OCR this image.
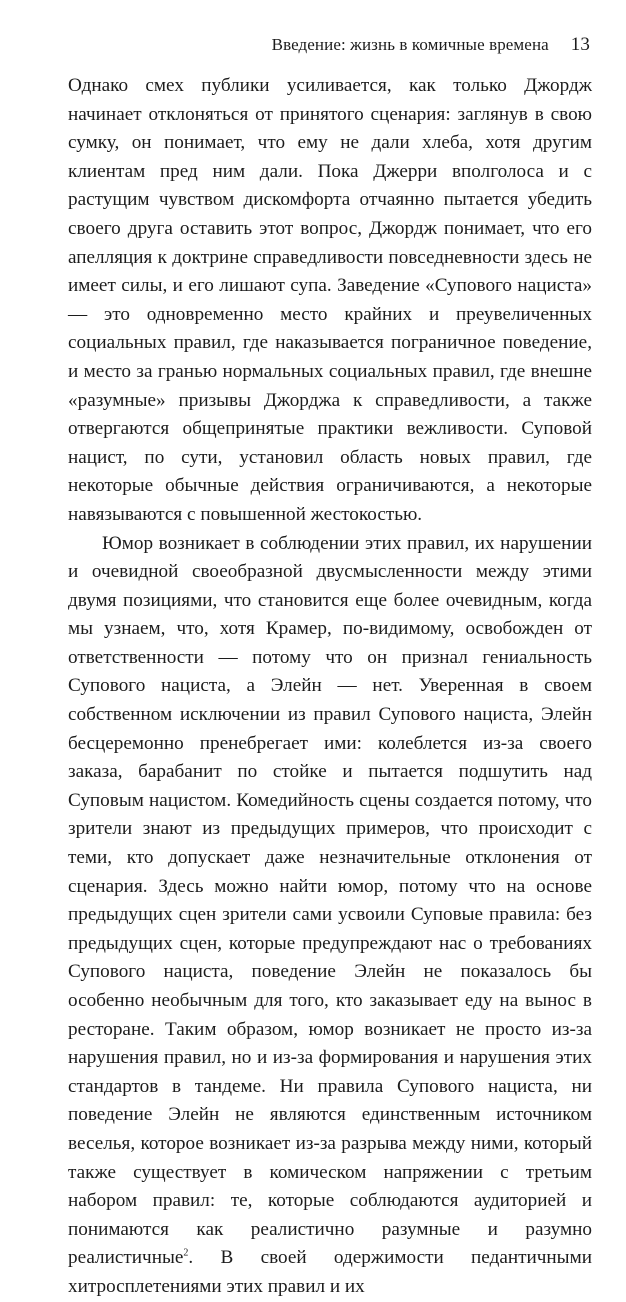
Введение: жизнь в комичные времена 13

Однако смех публики усиливается, как только Джордж начинает отклоняться от принятого сценария: заглянув в свою сумку, он понимает, что ему не дали хлеба, хотя другим клиентам пред ним дали. Пока Джерри вполголоса и с растущим чувством дискомфорта отчаянно пытается убедить своего друга оставить этот вопрос, Джордж понимает, что его апелляция к доктрине справедливости повседневности здесь не имеет силы, и его лишают супа. Заведение «Супового нациста» — это одновременно место крайних и преувеличенных социальных правил, где наказывается пограничное поведение, и место за гранью нормальных социальных правил, где внешне «разумные» призывы Джорджа к справедливости, а также отвергаются общепринятые практики вежливости. Суповой нацист, по сути, установил область новых правил, где некоторые обычные действия ограничиваются, а некоторые навязываются с повышенной жестокостью.

Юмор возникает в соблюдении этих правил, их нарушении и очевидной своеобразной двусмысленности между этими двумя позициями, что становится еще более очевидным, когда мы узнаем, что, хотя Крамер, по-видимому, освобожден от ответственности — потому что он признал гениальность Супового нациста, а Элейн — нет. Уверенная в своем собственном исключении из правил Супового нациста, Элейн бесцеремонно пренебрегает ими: колеблется из-за своего заказа, барабанит по стойке и пытается подшутить над Суповым нацистом. Комедийность сцены создается потому, что зрители знают из предыдущих примеров, что происходит с теми, кто допускает даже незначительные отклонения от сценария. Здесь можно найти юмор, потому что на основе предыдущих сцен зрители сами усвоили Суповые правила: без предыдущих сцен, которые предупреждают нас о требованиях Супового нациста, поведение Элейн не показалось бы особенно необычным для того, кто заказывает еду на вынос в ресторане. Таким образом, юмор возникает не просто из-за нарушения правил, но и из-за формирования и нарушения этих стандартов в тандеме. Ни правила Супового нациста, ни поведение Элейн не являются единственным источником веселья, которое возникает из-за разрыва между ними, который также существует в комическом напряжении с третьим набором правил: те, которые соблюдаются аудиторией и понимаются как реалистично разумные и разумно реалистичные$^2$. В своей одержимости педантичными хитросплетениями этих правил и их
